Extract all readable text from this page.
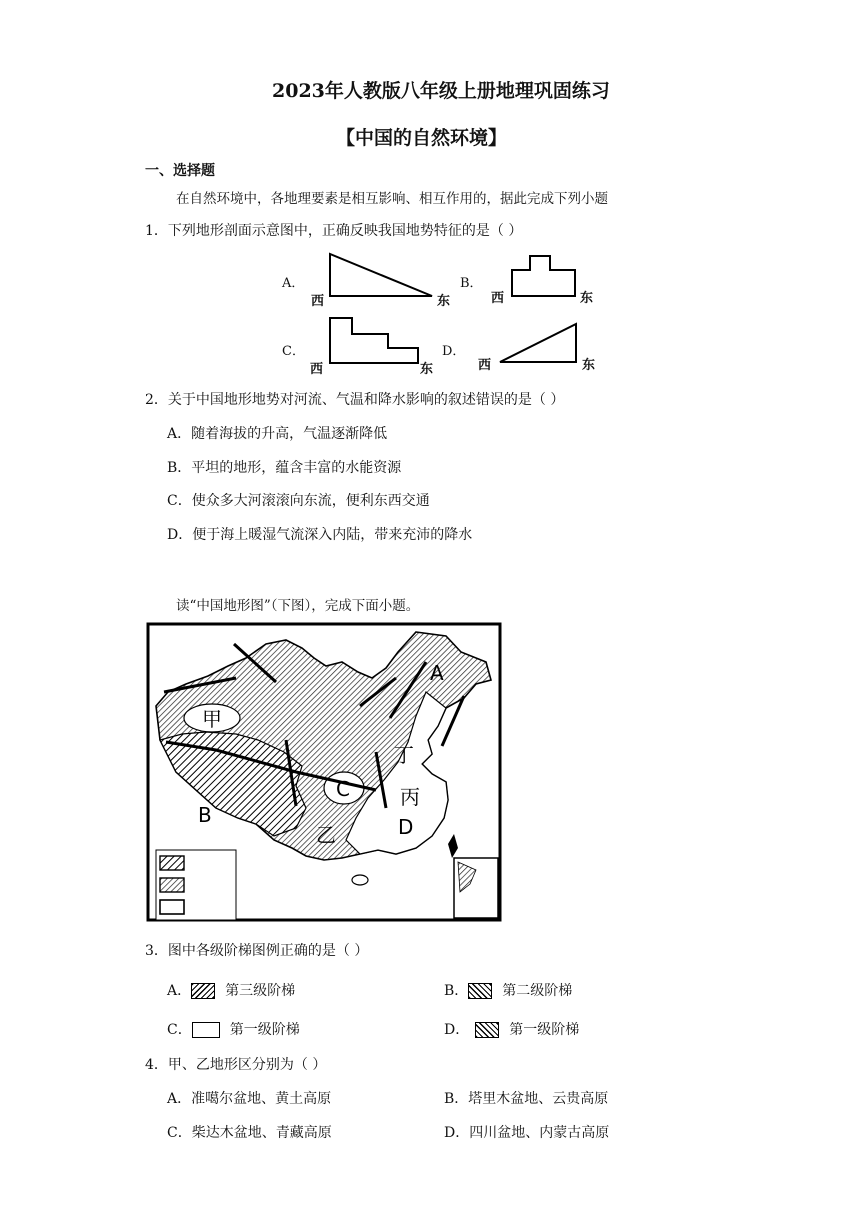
2023年人教版八年级上册地理巩固练习
【中国的自然环境】
一、选择题
在自然环境中，各地理要素是相互影响、相互作用的，据此完成下列小题
1．下列地形剖面示意图中，正确反映我国地势特征的是（ ）
A．	B．
C．	D．
西	东	西	东
西	东	西	东
2．关于中国地形地势对河流、气温和降水影响的叙述错误的是（ ）
A．随着海拔的升高，气温逐渐降低
B．平坦的地形，蕴含丰富的水能资源
C．使众多大河滚滚向东流，便利东西交通
D．便于海上暖湿气流深入内陆，带来充沛的降水
读“中国地形图”（下图），完成下面小题。
甲
乙
丙
丁
A
B
C
D
3．图中各级阶梯图例正确的是（ ）
A． 第三级阶梯	B． 第二级阶梯
C．	第一级阶梯	D．	第一级阶梯
4．甲、乙地形区分别为（ ）
A．准噶尔盆地、黄土高原	B．塔里木盆地、云贵高原
C．柴达木盆地、青藏高原	D．四川盆地、内蒙古高原
